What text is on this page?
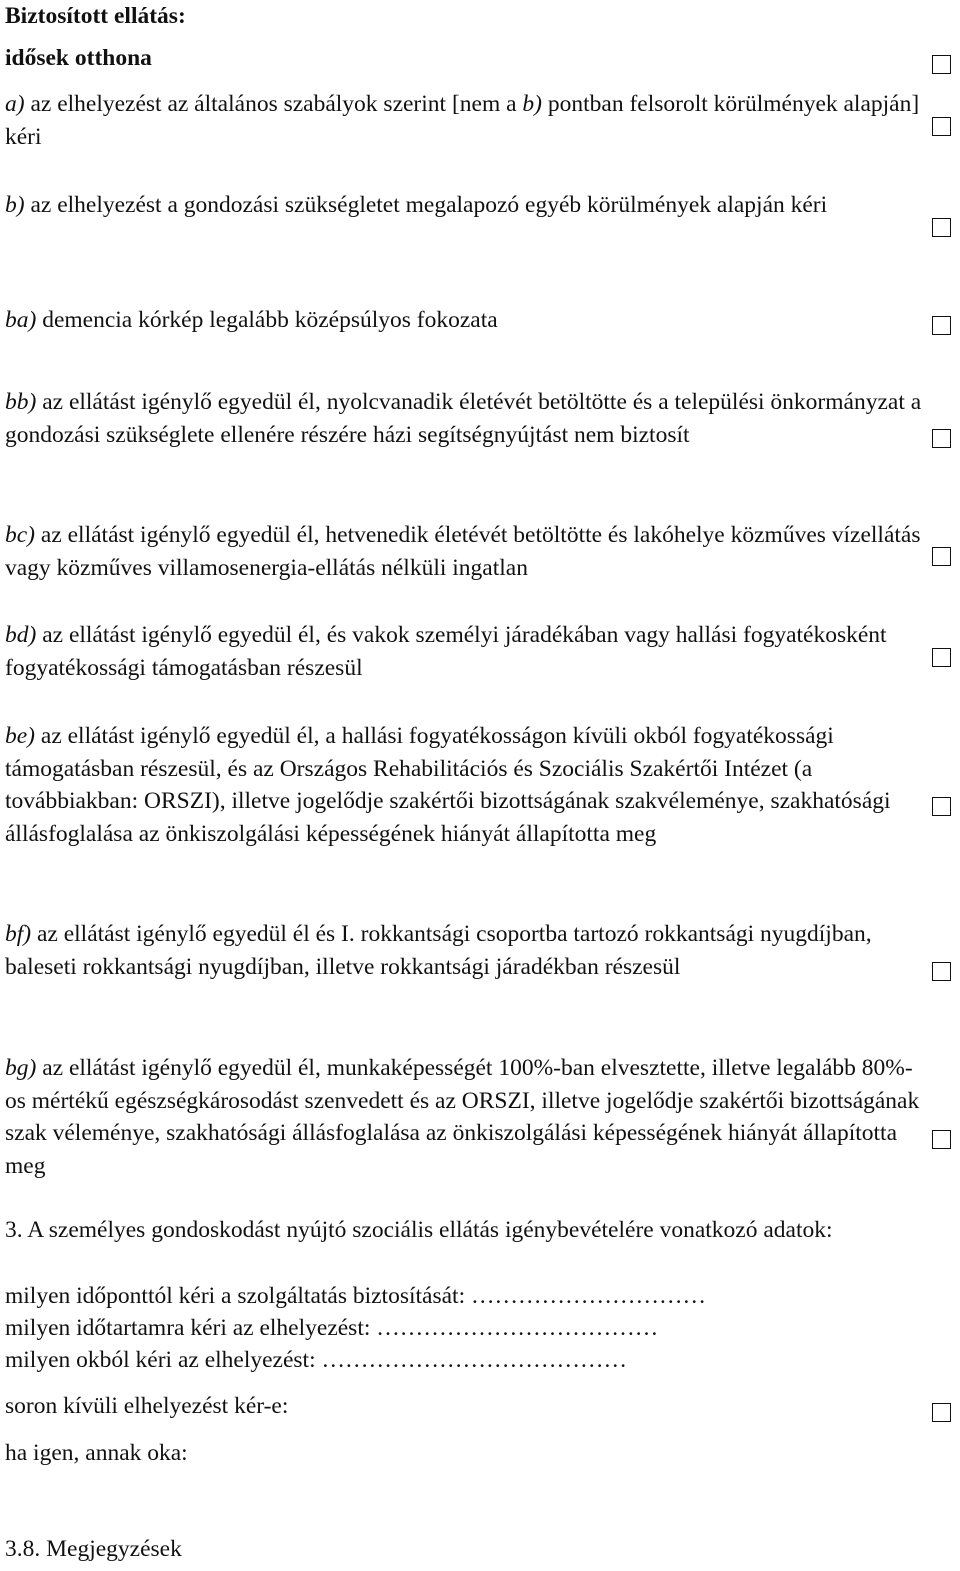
Biztosított ellátás:
idősek otthona

a) az elhelyezést az általános szabályok szerint [nem a b) pontban felsorolt körülmények alapján] kéri

b) az elhelyezést a gondozási szükségletet megalapozó egyéb körülmények alapján kéri

ba) demencia kórkép legalább középsúlyos fokozata

bb) az ellátást igénylő egyedül él, nyolcvanadik életévét betöltötte és a települési önkormányzat a gondozási szükséglete ellenére részére házi segítségnyújtást nem biztosít

bc) az ellátást igénylő egyedül él, hetvenedik életévét betöltötte és lakóhelye közműves vízellátás vagy közműves villamosenergia-ellátás nélküli ingatlan

bd) az ellátást igénylő egyedül él, és vakok személyi járadékában vagy hallási fogyatékosként fogyatékossági támogatásban részesül

be) az ellátást igénylő egyedül él, a hallási fogyatékosságon kívüli okból fogyatékossági támogatásban részesül, és az Országos Rehabilitációs és Szociális Szakértői Intézet (a továbbiakban: ORSZI), illetve jogelődje szakértői bizottságának szakvéleménye, szakhatósági állásfoglalása az önkiszolgálási képességének hiányát állapította meg

bf) az ellátást igénylő egyedül él és I. rokkantsági csoportba tartozó rokkantsági nyugdíjban, baleseti rokkantsági nyugdíjban, illetve rokkantsági járadékban részesül

bg) az ellátást igénylő egyedül él, munkaképességét 100%-ban elvesztette, illetve legalább 80%-os mértékű egészségkárosodást szenvedett és az ORSZI, illetve jogelődje szakértői bizottságának szak véleménye, szakhatósági állásfoglalása az önkiszolgálási képességének hiányát állapította meg

3. A személyes gondoskodást nyújtó szociális ellátás igénybevételére vonatkozó adatok:

milyen időponttól kéri a szolgáltatás biztosítását: …………………………

milyen időtartamra kéri az elhelyezést: ………………………………

milyen okból kéri az elhelyezést: …………………………………

soron kívüli elhelyezést kér-e:

ha igen, annak oka:

3.8. Megjegyzések
